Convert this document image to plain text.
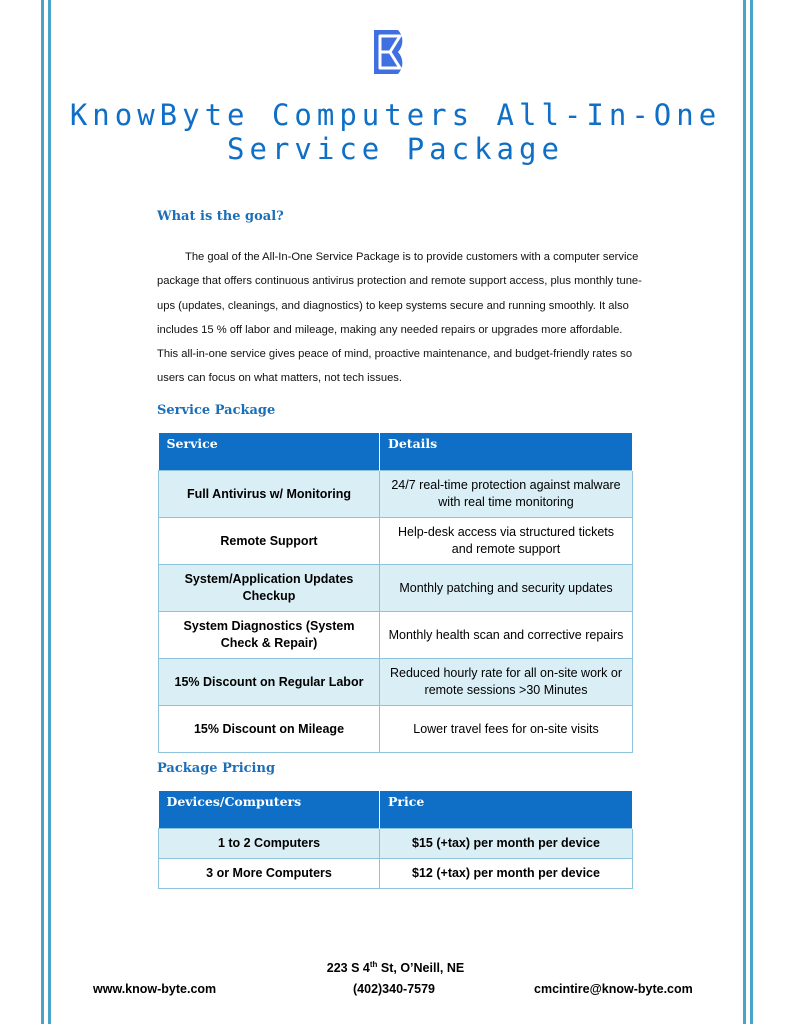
KnowByte Computers All-In-One
Service Package
What is the goal?

The goal of the All-In-One Service Package is to provide customers with a computer service package that offers continuous antivirus protection and remote support access, plus monthly tune-ups (updates, cleanings, and diagnostics) to keep systems secure and running smoothly. It also includes 15 % off labor and mileage, making any needed repairs or upgrades more affordable. This all-in-one service gives peace of mind, proactive maintenance, and budget-friendly rates so users can focus on what matters, not tech issues.

Service Package
Service	Details
Full Antivirus w/ Monitoring	24/7 real-time protection against malware with real time monitoring
Remote Support	Help-desk access via structured tickets and remote support
System/Application Updates Checkup	Monthly patching and security updates
System Diagnostics (System Check & Repair)	Monthly health scan and corrective repairs
15% Discount on Regular Labor	Reduced hourly rate for all on-site work or remote sessions >30 Minutes
15% Discount on Mileage	Lower travel fees for on-site visits
Package Pricing
Devices/Computers	Price
1 to 2 Computers	$15 (+tax) per month per device
3 or More Computers	$12 (+tax) per month per device
223 S 4th St, O’Neill, NE
www.know-byte.com	(402)340-7579	cmcintire@know-byte.com
